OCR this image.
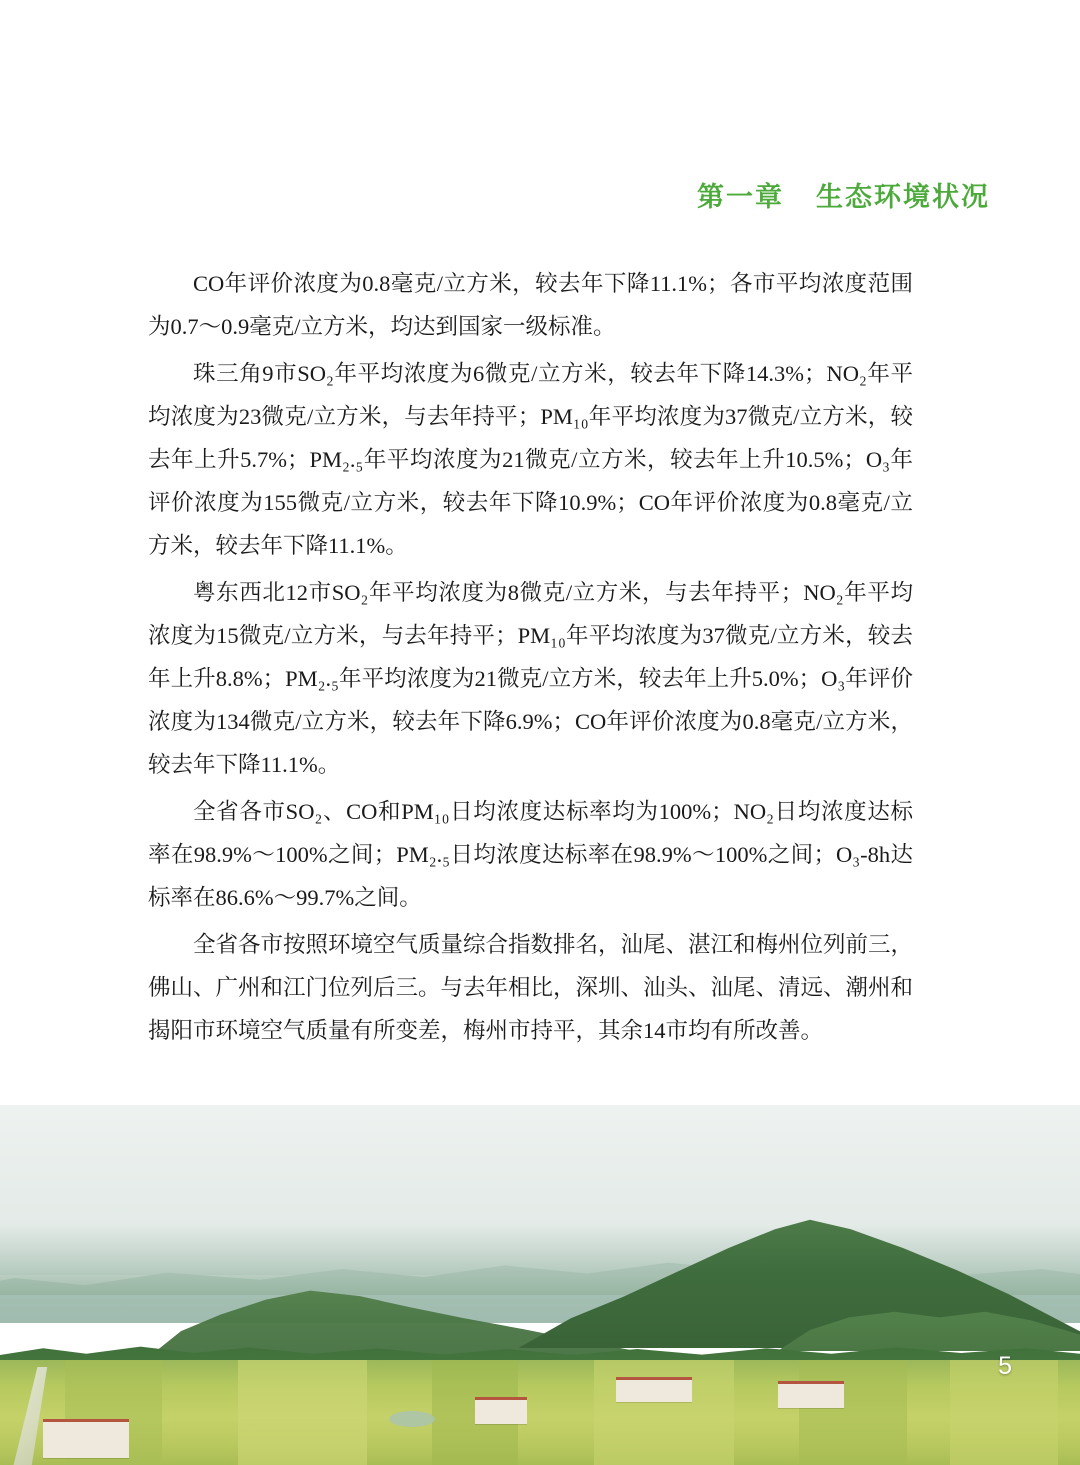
第一章 生态环境状况

CO年评价浓度为0.8毫克/立方米，较去年下降11.1%；各市平均浓度范围为0.7～0.9毫克/立方米，均达到国家一级标准。

珠三角9市SO₂年平均浓度为6微克/立方米，较去年下降14.3%；NO₂年平均浓度为23微克/立方米，与去年持平；PM₁₀年平均浓度为37微克/立方米，较去年上升5.7%；PM₂.₅年平均浓度为21微克/立方米，较去年上升10.5%；O₃年评价浓度为155微克/立方米，较去年下降10.9%；CO年评价浓度为0.8毫克/立方米，较去年下降11.1%。

粤东西北12市SO₂年平均浓度为8微克/立方米，与去年持平；NO₂年平均浓度为15微克/立方米，与去年持平；PM₁₀年平均浓度为37微克/立方米，较去年上升8.8%；PM₂.₅年平均浓度为21微克/立方米，较去年上升5.0%；O₃年评价浓度为134微克/立方米，较去年下降6.9%；CO年评价浓度为0.8毫克/立方米，较去年下降11.1%。

全省各市SO₂、CO和PM₁₀日均浓度达标率均为100%；NO₂日均浓度达标率在98.9%～100%之间；PM₂.₅日均浓度达标率在98.9%～100%之间；O₃-8h达标率在86.6%～99.7%之间。

全省各市按照环境空气质量综合指数排名，汕尾、湛江和梅州位列前三，佛山、广州和江门位列后三。与去年相比，深圳、汕头、汕尾、清远、潮州和揭阳市环境空气质量有所变差，梅州市持平，其余14市均有所改善。

5
